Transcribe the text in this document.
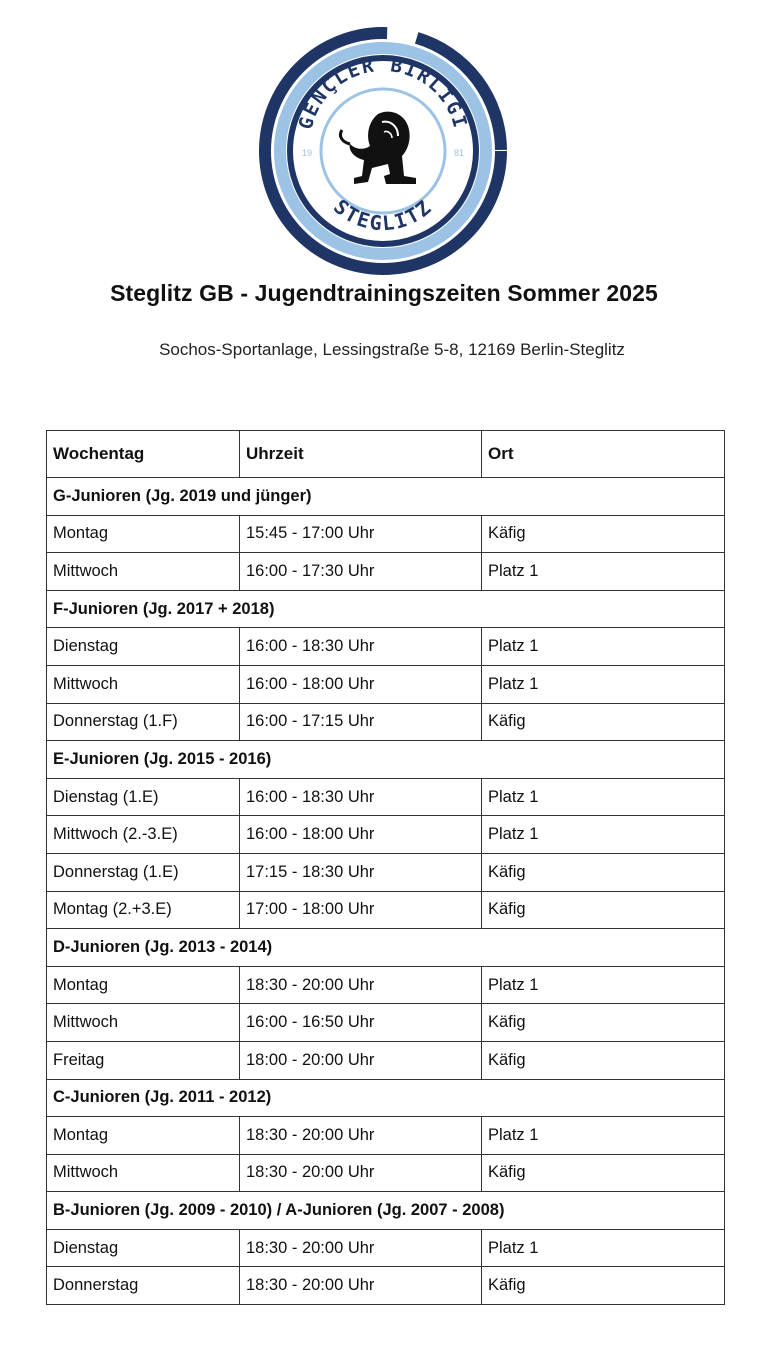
GENÇLER BIRLIĞI
STEGLITZ
19	81
Steglitz GB - Jugendtrainingszeiten Sommer 2025
Sochos-Sportanlage, Lessingstraße 5-8, 12169 Berlin-Steglitz
Wochentag	Uhrzeit	Ort
G-Junioren (Jg. 2019 und jünger)		
Montag	15:45 - 17:00 Uhr	Käfig
Mittwoch	16:00 - 17:30 Uhr	Platz 1
F-Junioren (Jg. 2017 + 2018)		
Dienstag	16:00 - 18:30 Uhr	Platz 1
Mittwoch	16:00 - 18:00 Uhr	Platz 1
Donnerstag (1.F)	16:00 - 17:15 Uhr	Käfig
E-Junioren (Jg. 2015 - 2016)		
Dienstag (1.E)	16:00 - 18:30 Uhr	Platz 1
Mittwoch (2.-3.E)	16:00 - 18:00 Uhr	Platz 1
Donnerstag (1.E)	17:15 - 18:30 Uhr	Käfig
Montag (2.+3.E)	17:00 - 18:00 Uhr	Käfig
D-Junioren (Jg. 2013 - 2014)		
Montag	18:30 - 20:00 Uhr	Platz 1
Mittwoch	16:00 - 16:50 Uhr	Käfig
Freitag	18:00 - 20:00 Uhr	Käfig
C-Junioren (Jg. 2011 - 2012)		
Montag	18:30 - 20:00 Uhr	Platz 1
Mittwoch	18:30 - 20:00 Uhr	Käfig
B-Junioren (Jg. 2009 - 2010) / A-Junioren (Jg. 2007 - 2008)		
Dienstag	18:30 - 20:00 Uhr	Platz 1
Donnerstag	18:30 - 20:00 Uhr	Käfig
